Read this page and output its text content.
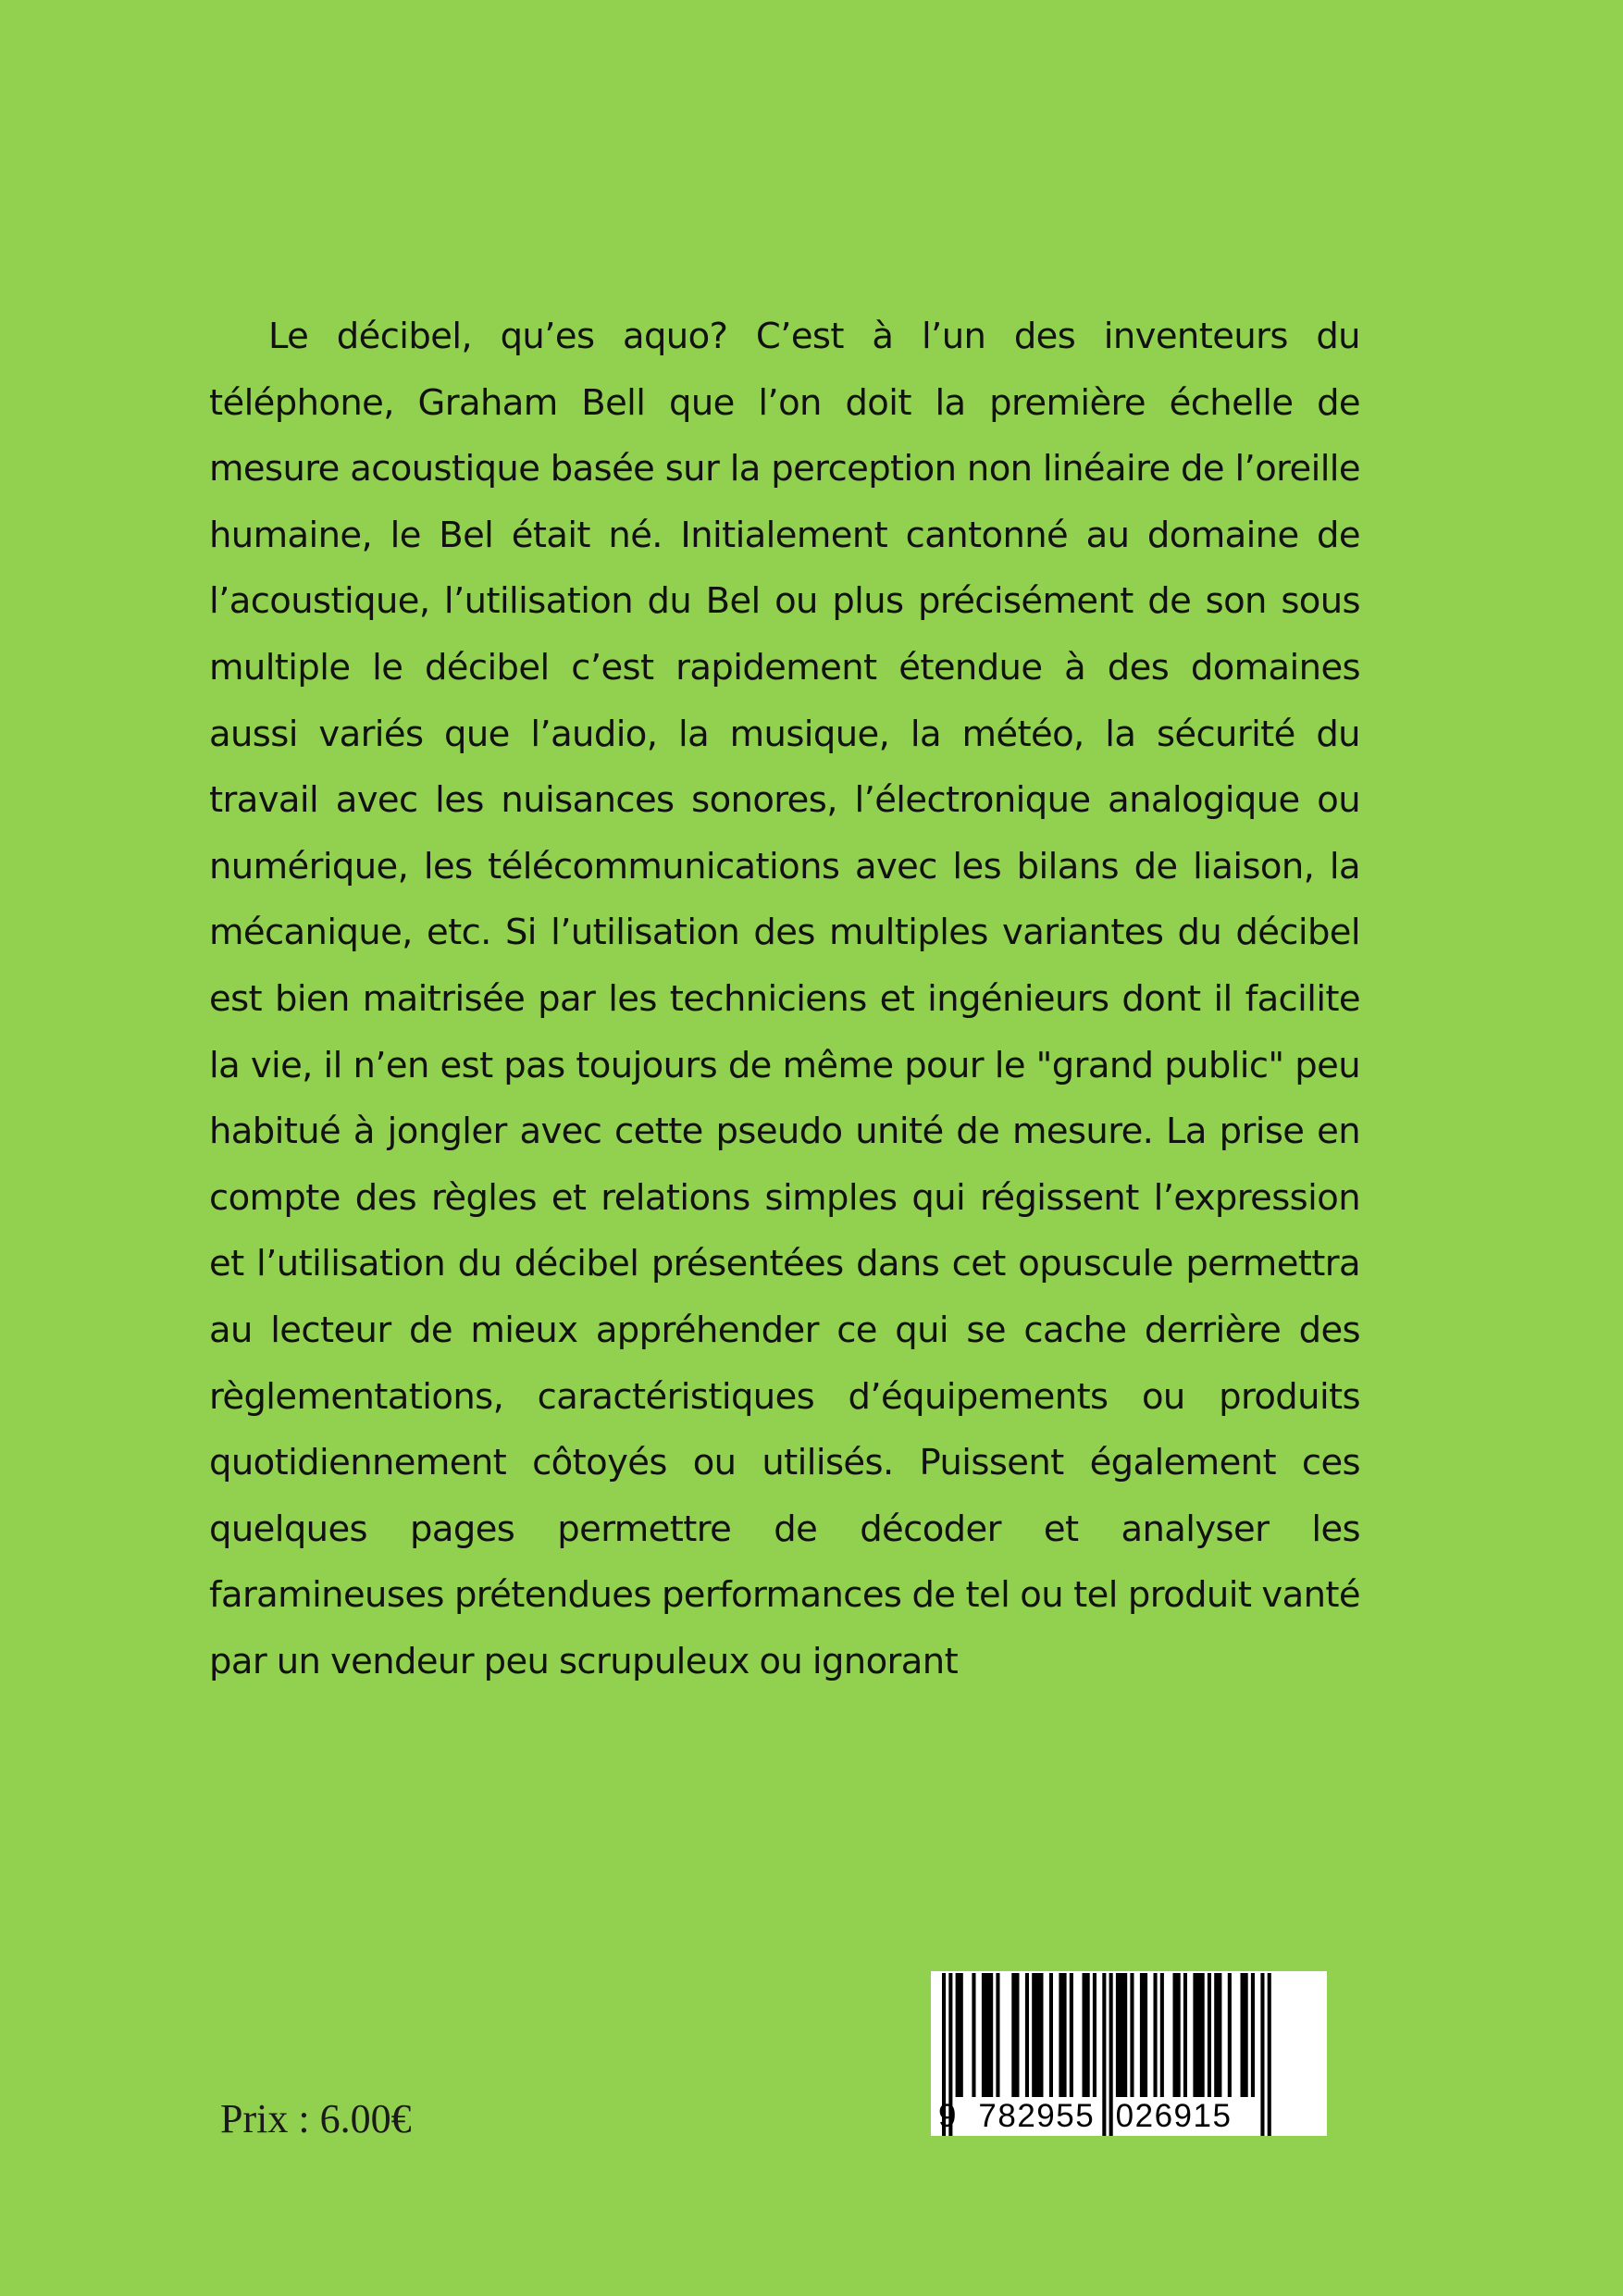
Le décibel, qu’es aquo? C’est à l’un des inventeurs du téléphone, Graham Bell que l’on doit la première échelle de mesure acoustique basée sur la perception non linéaire de l’oreille humaine, le Bel était né. Initialement cantonné au domaine de l’acoustique, l’utilisation du Bel ou plus précisément de son sous multiple le décibel c’est rapidement étendue à des domaines aussi variés que l’audio, la musique, la météo, la sécurité du travail avec les nuisances sonores, l’électronique analogique ou numérique, les télécommunications avec les bilans de liaison, la mécanique, etc. Si l’utilisation des multiples variantes du décibel est bien maitrisée par les techniciens et ingénieurs dont il facilite la vie, il n’en est pas toujours de même pour le "grand public" peu habitué à jongler avec cette pseudo unité de mesure. La prise en compte des règles et relations simples qui régissent l’expression et l’utilisation du décibel présentées dans cet opuscule permettra au lecteur de mieux appréhender ce qui se cache derrière des règlementations, caractéristiques d’équipements ou produits quotidiennement côtoyés ou utilisés. Puissent également ces quelques pages permettre de décoder et analyser les faramineuses prétendues performances de tel ou tel produit vanté par un vendeur peu scrupuleux ou ignorant

Prix : 6.00€	9  782955  026915
